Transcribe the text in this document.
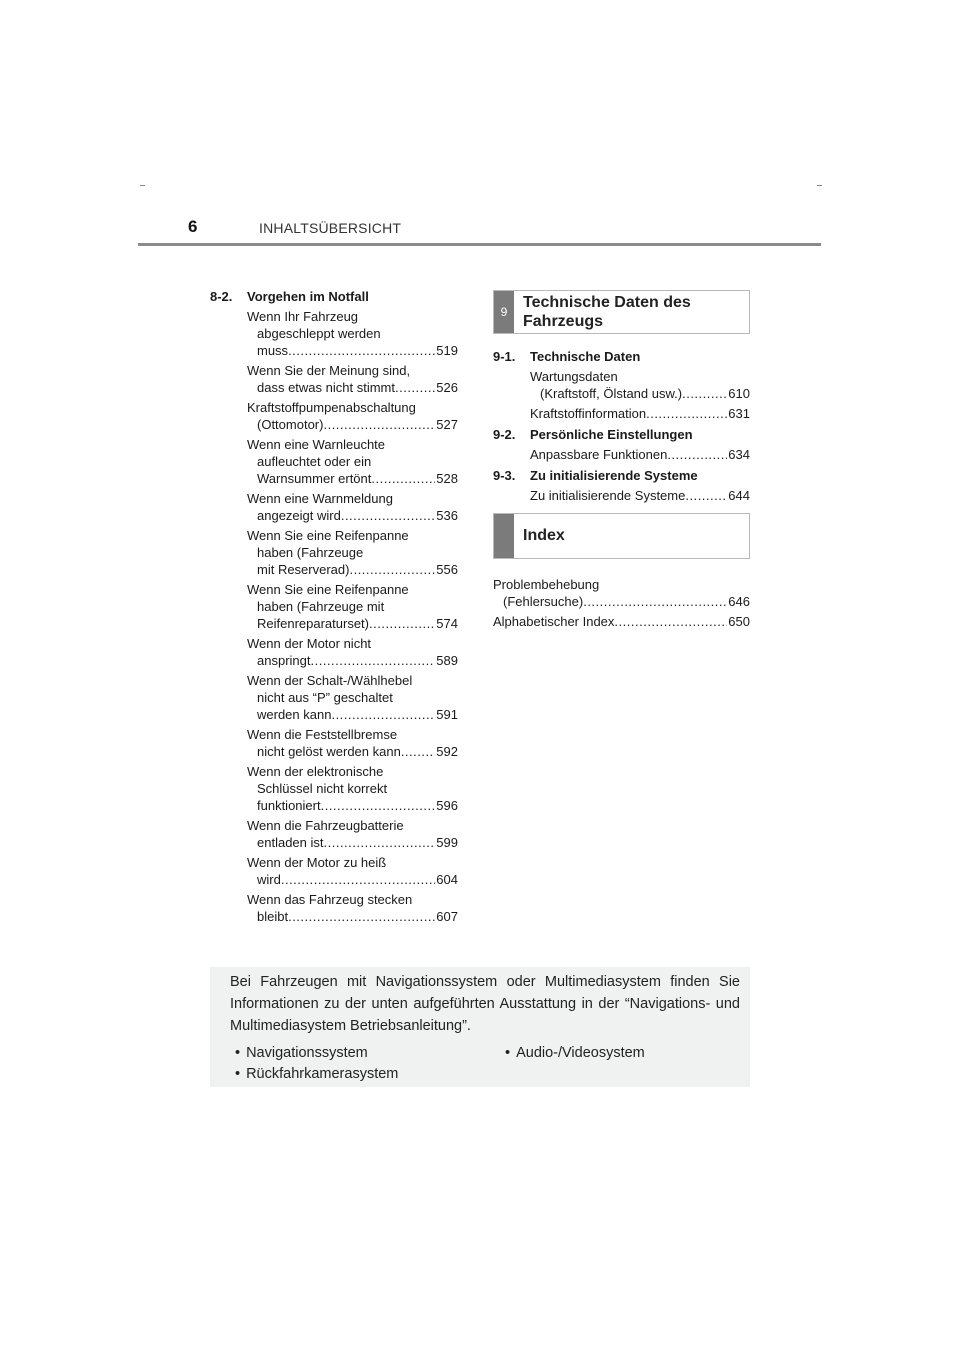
6	INHALTSÜBERSICHT
8-2.	Vorgehen im Notfall
Wenn Ihr Fahrzeug
abgeschleppt werden
muss .....	519
Wenn Sie der Meinung sind,
dass etwas nicht stimmt .....	526
Kraftstoffpumpenabschaltung
(Ottomotor) .....	527
Wenn eine Warnleuchte
aufleuchtet oder ein
Warnsummer ertönt .....	528
Wenn eine Warnmeldung
angezeigt wird .....	536
Wenn Sie eine Reifenpanne
haben (Fahrzeuge
mit Reserverad) .....	556
Wenn Sie eine Reifenpanne
haben (Fahrzeuge mit
Reifenreparaturset) .....	574
Wenn der Motor nicht
anspringt .....	589
Wenn der Schalt-/Wählhebel
nicht aus “P” geschaltet
werden kann .....	591
Wenn die Feststellbremse
nicht gelöst werden kann .....	592
Wenn der elektronische
Schlüssel nicht korrekt
funktioniert .....	596
Wenn die Fahrzeugbatterie
entladen ist .....	599
Wenn der Motor zu heiß
wird .....	604
Wenn das Fahrzeug stecken
bleibt .....	607
9
Technische Daten des
Fahrzeugs
9-1.	Technische Daten
Wartungsdaten
(Kraftstoff, Ölstand usw.) .....	610
Kraftstoffinformation .....	631
9-2.	Persönliche Einstellungen
Anpassbare Funktionen .....	634
9-3.	Zu initialisierende Systeme
Zu initialisierende Systeme .....	644
Index
Problembehebung
(Fehlersuche) .....	646
Alphabetischer Index .....	650
Bei Fahrzeugen mit Navigationssystem oder Multimediasystem finden Sie Informationen zu der unten aufgeführten Ausstattung in der “Navigations- und Multimediasystem Betriebsanleitung”.
• Navigationssystem	• Audio-/Videosystem
• Rückfahrkamerasystem
